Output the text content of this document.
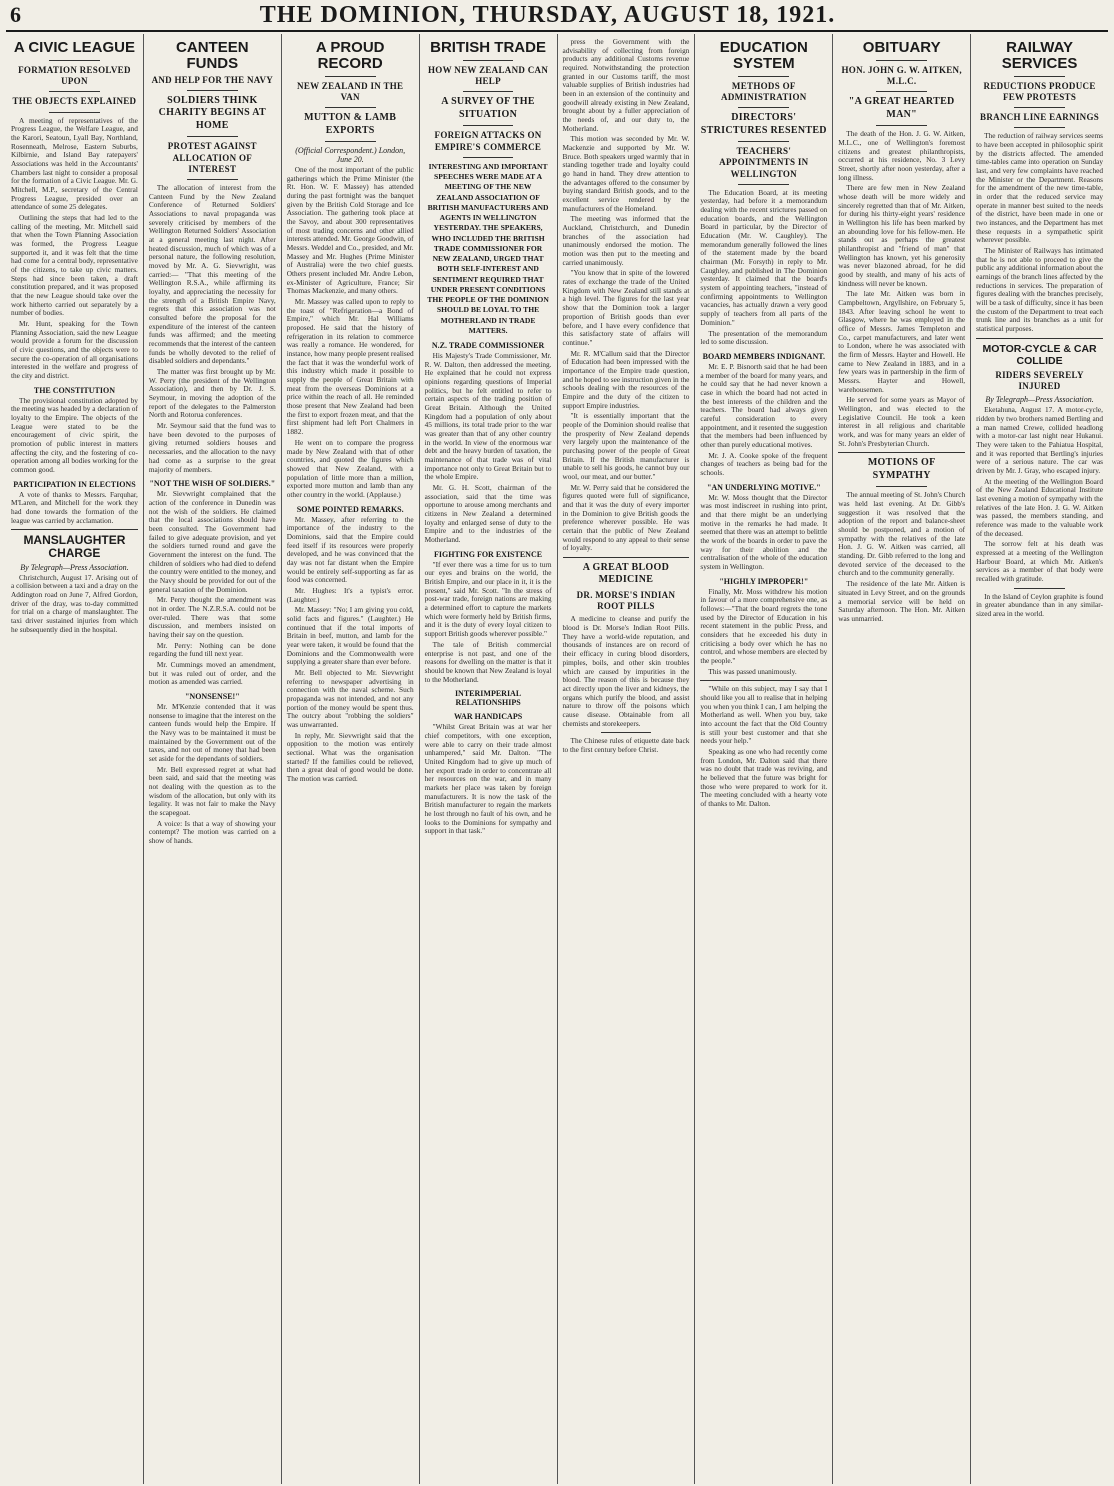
6	THE DOMINION, THURSDAY, AUGUST 18, 1921.
A CIVIC LEAGUE
FORMATION RESOLVED UPON
THE OBJECTS EXPLAINED

A meeting of representatives of the Progress League, the Welfare League, and the Karori, Seatoun, Lyall Bay, Northland, Rosenneath, Melrose, Eastern Suburbs, Kilbirnie, and Island Bay ratepayers' Associations was held in the Accountants' Chambers last night to consider a proposal for the formation of a Civic League. Mr. G. Mitchell, M.P., secretary of the Central Progress League, presided over an attendance of some 25 delegates.

Outlining the steps that had led to the calling of the meeting, Mr. Mitchell said that when the Town Planning Association was formed, the Progress League supported it, and it was felt that the time had come for a central body, representative of the citizens, to take up civic matters. Steps had since been taken, a draft constitution prepared, and it was proposed that the new League should take over the work hitherto carried out separately by a number of bodies.

Mr. Hunt, speaking for the Town Planning Association, said the new League would provide a forum for the discussion of civic questions, and the objects were to secure the co-operation of all organisations interested in the welfare and progress of the city and district.

THE CONSTITUTION

The provisional constitution adopted by the meeting was headed by a declaration of loyalty to the Empire. The objects of the League were stated to be the encouragement of civic spirit, the promotion of public interest in matters affecting the city, and the fostering of co-operation among all bodies working for the common good.

PARTICIPATION IN ELECTIONS

A vote of thanks to Messrs. Farquhar, M'Laren, and Mitchell for the work they had done towards the formation of the league was carried by acclamation.

MANSLAUGHTER CHARGE
By Telegraph—Press Association.

Christchurch, August 17. Arising out of a collision between a taxi and a dray on the Addington road on June 7, Alfred Gordon, driver of the dray, was to-day committed for trial on a charge of manslaughter. The taxi driver sustained injuries from which he subsequently died in the hospital.

CANTEEN FUNDS
AND HELP FOR THE NAVY
SOLDIERS THINK CHARITY BEGINS AT HOME
PROTEST AGAINST ALLOCATION OF INTEREST

The allocation of interest from the Canteen Fund by the New Zealand Conference of Returned Soldiers' Associations to naval propaganda was severely criticised by members of the Wellington Returned Soldiers' Association at a general meeting last night. After heated discussion, much of which was of a personal nature, the following resolution, moved by Mr. A. G. Sievwright, was carried:— "That this meeting of the Wellington R.S.A., while affirming its loyalty, and appreciating the necessity for the strength of a British Empire Navy, regrets that this association was not consulted before the proposal for the expenditure of the interest of the canteen funds was affirmed; and the meeting recommends that the interest of the canteen funds be wholly devoted to the relief of disabled soldiers and dependants."

The matter was first brought up by Mr. W. Perry (the president of the Wellington Association), and then by Dr. J. S. Seymour, in moving the adoption of the report of the delegates to the Palmerston North and Rotorua conferences.

Mr. Seymour said that the fund was to have been devoted to the purposes of giving returned soldiers houses and necessaries, and the allocation to the navy had come as a surprise to the great majority of members.

"NOT THE WISH OF SOLDIERS."

Mr. Sievwright complained that the action of the conference in Dunedin was not the wish of the soldiers. He claimed that the local associations should have been consulted. The Government had failed to give adequate provision, and yet the soldiers turned round and gave the Government the interest on the fund. The children of soldiers who had died to defend the country were entitled to the money, and the Navy should be provided for out of the general taxation of the Dominion.

Mr. Perry thought the amendment was not in order. The N.Z.R.S.A. could not be over-ruled. There was that some discussion, and members insisted on having their say on the question.

Mr. Perry: Nothing can be done regarding the fund till next year.

Mr. Cummings moved an amendment, but it was ruled out of order, and the motion as amended was carried.

"NONSENSE!"

Mr. M'Kenzie contended that it was nonsense to imagine that the interest on the canteen funds would help the Empire. If the Navy was to be maintained it must be maintained by the Government out of the taxes, and not out of money that had been set aside for the dependants of soldiers.

Mr. Bell expressed regret at what had been said, and said that the meeting was not dealing with the question as to the wisdom of the allocation, but only with its legality. It was not fair to make the Navy the scapegoat.

A voice: Is that a way of showing your contempt? The motion was carried on a show of hands.

A PROUD RECORD
NEW ZEALAND IN THE VAN
MUTTON & LAMB EXPORTS
(Official Correspondent.) London, June 20.

One of the most important of the public gatherings which the Prime Minister (the Rt. Hon. W. F. Massey) has attended during the past fortnight was the banquet given by the British Cold Storage and Ice Association. The gathering took place at the Savoy, and about 300 representatives of most trading concerns and other allied interests attended. Mr. George Goodwin, of Messrs. Weddel and Co., presided, and Mr. Massey and Mr. Hughes (Prime Minister of Australia) were the two chief guests. Others present included Mr. Andre Lebon, ex-Minister of Agriculture, France; Sir Thomas Mackenzie, and many others.

Mr. Massey was called upon to reply to the toast of "Refrigeration—a Bond of Empire," which Mr. Hal Williams proposed. He said that the history of refrigeration in its relation to commerce was really a romance. He wondered, for instance, how many people present realised the fact that it was the wonderful work of this industry which made it possible to supply the people of Great Britain with meat from the overseas Dominions at a price within the reach of all. He reminded those present that New Zealand had been the first to export frozen meat, and that the first shipment had left Port Chalmers in 1882.

He went on to compare the progress made by New Zealand with that of other countries, and quoted the figures which showed that New Zealand, with a population of little more than a million, exported more mutton and lamb than any other country in the world. (Applause.)

SOME POINTED REMARKS.

Mr. Massey, after referring to the importance of the industry to the Dominions, said that the Empire could feed itself if its resources were properly developed, and he was convinced that the day was not far distant when the Empire would be entirely self-supporting as far as food was concerned.

Mr. Hughes: It's a typist's error. (Laughter.)

Mr. Massey: "No; I am giving you cold, solid facts and figures." (Laughter.) He continued that if the total imports of Britain in beef, mutton, and lamb for the year were taken, it would be found that the Dominions and the Commonwealth were supplying a greater share than ever before.

Mr. Bell objected to Mr. Sievwright referring to newspaper advertising in connection with the naval scheme. Such propaganda was not intended, and not any portion of the money would be spent thus. The outcry about "robbing the soldiers" was unwarranted.

In reply, Mr. Sievwright said that the opposition to the motion was entirely sectional. What was the organisation started? If the families could be relieved, then a great deal of good would be done. The motion was carried.

BRITISH TRADE
HOW NEW ZEALAND CAN HELP
A SURVEY OF THE SITUATION
FOREIGN ATTACKS ON EMPIRE'S COMMERCE
INTERESTING AND IMPORTANT SPEECHES WERE MADE AT A MEETING OF THE NEW ZEALAND ASSOCIATION OF BRITISH MANUFACTURERS AND AGENTS IN WELLINGTON YESTERDAY. THE SPEAKERS, WHO INCLUDED THE BRITISH TRADE COMMISSIONER FOR NEW ZEALAND, URGED THAT BOTH SELF-INTEREST AND SENTIMENT REQUIRED THAT UNDER PRESENT CONDITIONS THE PEOPLE OF THE DOMINION SHOULD BE LOYAL TO THE MOTHERLAND IN TRADE MATTERS.
N.Z. TRADE COMMISSIONER

His Majesty's Trade Commissioner, Mr. R. W. Dalton, then addressed the meeting. He explained that he could not express opinions regarding questions of Imperial politics, but he felt entitled to refer to certain aspects of the trading position of Great Britain. Although the United Kingdom had a population of only about 45 millions, its total trade prior to the war was greater than that of any other country in the world. In view of the enormous war debt and the heavy burden of taxation, the maintenance of that trade was of vital importance not only to Great Britain but to the whole Empire.

Mr. G. H. Scott, chairman of the association, said that the time was opportune to arouse among merchants and citizens in New Zealand a determined loyalty and enlarged sense of duty to the Empire and to the industries of the Motherland.

FIGHTING FOR EXISTENCE

"If ever there was a time for us to turn our eyes and brains on the world, the British Empire, and our place in it, it is the present," said Mr. Scott. "In the stress of post-war trade, foreign nations are making a determined effort to capture the markets which were formerly held by British firms, and it is the duty of every loyal citizen to support British goods wherever possible."

The tale of British commercial enterprise is not past, and one of the reasons for dwelling on the matter is that it should be known that New Zealand is loyal to the Motherland.

INTERIMPERIAL RELATIONSHIPS
WAR HANDICAPS

"Whilst Great Britain was at war her chief competitors, with one exception, were able to carry on their trade almost unhampered," said Mr. Dalton. "The United Kingdom had to give up much of her export trade in order to concentrate all her resources on the war, and in many markets her place was taken by foreign manufacturers. It is now the task of the British manufacturer to regain the markets he lost through no fault of his own, and he looks to the Dominions for sympathy and support in that task."

press the Government with the advisability of collecting from foreign products any additional Customs revenue required. Notwithstanding the protection granted in our Customs tariff, the most valuable supplies of British industries had been in an extension of the continuity and goodwill already existing in New Zealand, brought about by a fuller appreciation of the needs of, and our duty to, the Motherland.

This motion was seconded by Mr. W. Mackenzie and supported by Mr. W. Bruce. Both speakers urged warmly that in standing together trade and loyalty could go hand in hand. They drew attention to the advantages offered to the consumer by buying standard British goods, and to the excellent service rendered by the manufacturers of the Homeland.

The meeting was informed that the Auckland, Christchurch, and Dunedin branches of the association had unanimously endorsed the motion. The motion was then put to the meeting and carried unanimously.

"You know that in spite of the lowered rates of exchange the trade of the United Kingdom with New Zealand still stands at a high level. The figures for the last year show that the Dominion took a larger proportion of British goods than ever before, and I have every confidence that this satisfactory state of affairs will continue."

Mr. R. M'Callum said that the Director of Education had been impressed with the importance of the Empire trade question, and he hoped to see instruction given in the schools dealing with the resources of the Empire and the duty of the citizen to support Empire industries.

"It is essentially important that the people of the Dominion should realise that the prosperity of New Zealand depends very largely upon the maintenance of the purchasing power of the people of Great Britain. If the British manufacturer is unable to sell his goods, he cannot buy our wool, our meat, and our butter."

Mr. W. Perry said that he considered the figures quoted were full of significance, and that it was the duty of every importer in the Dominion to give British goods the preference wherever possible. He was certain that the public of New Zealand would respond to any appeal to their sense of loyalty.

A GREAT BLOOD MEDICINE
DR. MORSE'S INDIAN ROOT PILLS

A medicine to cleanse and purify the blood is Dr. Morse's Indian Root Pills. They have a world-wide reputation, and thousands of instances are on record of their efficacy in curing blood disorders, pimples, boils, and other skin troubles which are caused by impurities in the blood. The reason of this is because they act directly upon the liver and kidneys, the organs which purify the blood, and assist nature to throw off the poisons which cause disease. Obtainable from all chemists and storekeepers.

The Chinese rules of etiquette date back to the first century before Christ.

EDUCATION SYSTEM
METHODS OF ADMINISTRATION
DIRECTORS' STRICTURES RESENTED
TEACHERS' APPOINTMENTS IN WELLINGTON

The Education Board, at its meeting yesterday, had before it a memorandum dealing with the recent strictures passed on education boards, and the Wellington Board in particular, by the Director of Education (Mr. W. Caughley). The memorandum generally followed the lines of the statement made by the board chairman (Mr. Forsyth) in reply to Mr. Caughley, and published in The Dominion yesterday. It claimed that the board's system of appointing teachers, "instead of confirming appointments to Wellington vacancies, has actually drawn a very good supply of teachers from all parts of the Dominion."

The presentation of the memorandum led to some discussion.

BOARD MEMBERS INDIGNANT.

Mr. E. P. Bisnorth said that he had been a member of the board for many years, and he could say that he had never known a case in which the board had not acted in the best interests of the children and the teachers. The board had always given careful consideration to every appointment, and it resented the suggestion that the members had been influenced by other than purely educational motives.

Mr. J. A. Cooke spoke of the frequent changes of teachers as being bad for the schools.

"AN UNDERLYING MOTIVE."

Mr. W. Moss thought that the Director was most indiscreet in rushing into print, and that there might be an underlying motive in the remarks he had made. It seemed that there was an attempt to belittle the work of the boards in order to pave the way for their abolition and the centralisation of the whole of the education system in Wellington.

"HIGHLY IMPROPER!"

Finally, Mr. Moss withdrew his motion in favour of a more comprehensive one, as follows:—"That the board regrets the tone used by the Director of Education in his recent statement in the public Press, and considers that he exceeded his duty in criticising a body over which he has no control, and whose members are elected by the people."

This was passed unanimously.

"While on this subject, may I say that I should like you all to realise that in helping you when you think I can, I am helping the Motherland as well. When you buy, take into account the fact that the Old Country is still your best customer and that she needs your help."

Speaking as one who had recently come from London, Mr. Dalton said that there was no doubt that trade was reviving, and he believed that the future was bright for those who were prepared to work for it. The meeting concluded with a hearty vote of thanks to Mr. Dalton.

OBITUARY
HON. JOHN G. W. AITKEN, M.L.C.
"A GREAT HEARTED MAN"

The death of the Hon. J. G. W. Aitken, M.L.C., one of Wellington's foremost citizens and greatest philanthropists, occurred at his residence, No. 3 Levy Street, shortly after noon yesterday, after a long illness.

There are few men in New Zealand whose death will be more widely and sincerely regretted than that of Mr. Aitken, for during his thirty-eight years' residence in Wellington his life has been marked by an abounding love for his fellow-men. He stands out as perhaps the greatest philanthropist and "friend of man" that Wellington has known, yet his generosity was never blazoned abroad, for he did good by stealth, and many of his acts of kindness will never be known.

The late Mr. Aitken was born in Campbeltown, Argyllshire, on February 5, 1843. After leaving school he went to Glasgow, where he was employed in the office of Messrs. James Templeton and Co., carpet manufacturers, and later went to London, where he was associated with the firm of Messrs. Hayter and Howell. He came to New Zealand in 1883, and in a few years was in partnership in the firm of Messrs. Hayter and Howell, warehousemen.

He served for some years as Mayor of Wellington, and was elected to the Legislative Council. He took a keen interest in all religious and charitable work, and was for many years an elder of St. John's Presbyterian Church.

MOTIONS OF SYMPATHY

The annual meeting of St. John's Church was held last evening. At Dr. Gibb's suggestion it was resolved that the adoption of the report and balance-sheet should be postponed, and a motion of sympathy with the relatives of the late Hon. J. G. W. Aitken was carried, all standing. Dr. Gibb referred to the long and devoted service of the deceased to the church and to the community generally.

The residence of the late Mr. Aitken is situated in Levy Street, and on the grounds a memorial service will be held on Saturday afternoon. The Hon. Mr. Aitken was unmarried.

RAILWAY SERVICES
REDUCTIONS PRODUCE FEW PROTESTS
BRANCH LINE EARNINGS

The reduction of railway services seems to have been accepted in philosophic spirit by the districts affected. The amended time-tables came into operation on Sunday last, and very few complaints have reached the Minister or the Department. Reasons for the amendment of the new time-table, in order that the reduced service may operate in manner best suited to the needs of the district, have been made in one or two instances, and the Department has met these requests in a sympathetic spirit wherever possible.

The Minister of Railways has intimated that he is not able to proceed to give the public any additional information about the earnings of the branch lines affected by the reductions in services. The preparation of figures dealing with the branches precisely, will be a task of difficulty, since it has been the custom of the Department to treat each trunk line and its branches as a unit for statistical purposes.

MOTOR-CYCLE & CAR COLLIDE
RIDERS SEVERELY INJURED
By Telegraph—Press Association.

Eketahuna, August 17. A motor-cycle, ridden by two brothers named Bertling and a man named Crewe, collided headlong with a motor-car last night near Hukanui. They were taken to the Pahiatua Hospital, and it was reported that Bertling's injuries were of a serious nature. The car was driven by Mr. J. Gray, who escaped injury.

At the meeting of the Wellington Board of the New Zealand Educational Institute last evening a motion of sympathy with the relatives of the late Hon. J. G. W. Aitken was passed, the members standing, and reference was made to the valuable work of the deceased.

The sorrow felt at his death was expressed at a meeting of the Wellington Harbour Board, at which Mr. Aitken's services as a member of that body were recalled with gratitude.

In the Island of Ceylon graphite is found in greater abundance than in any similar-sized area in the world.
